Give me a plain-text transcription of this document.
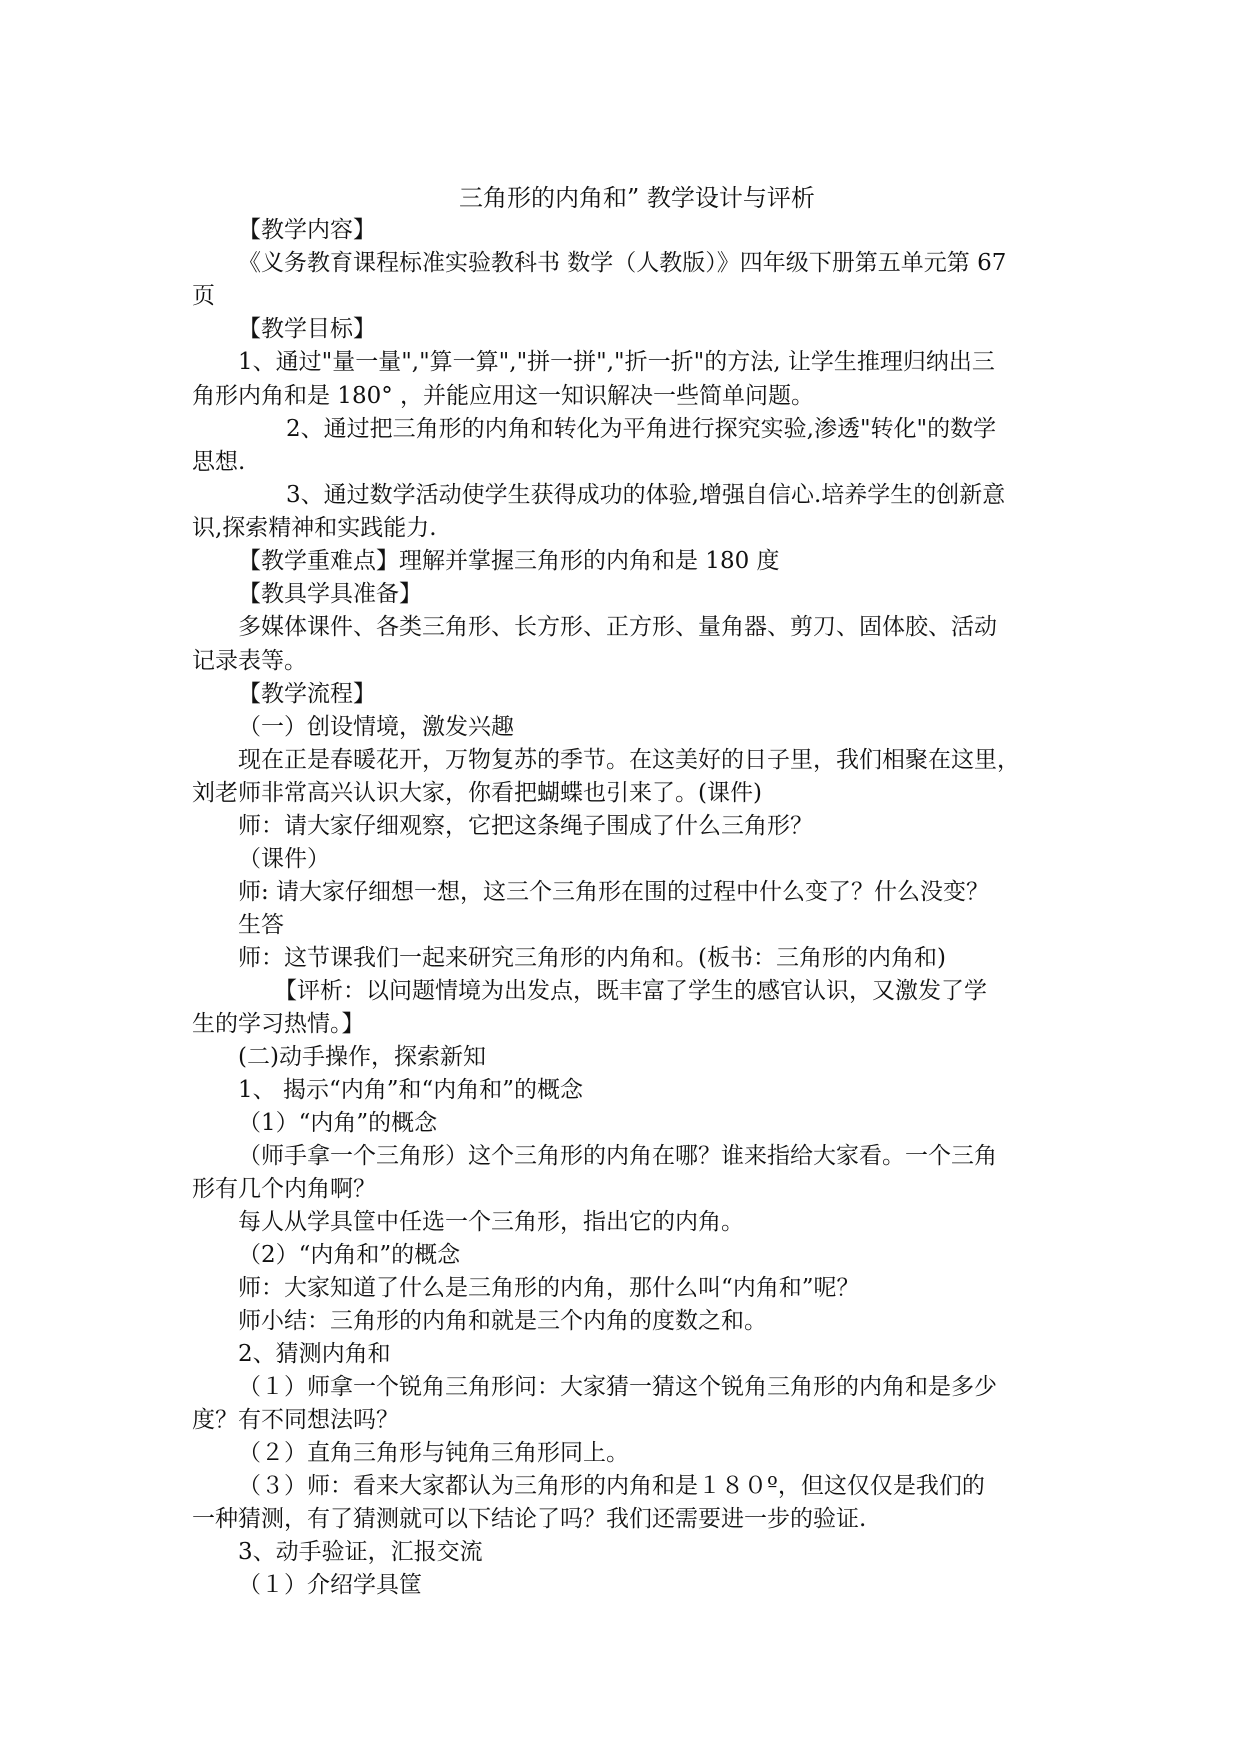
三角形的内角和” 教学设计与评析
【教学内容】
《义务教育课程标准实验教科书 数学（人教版）》四年级下册第五单元第 67
页
【教学目标】
1、通过"量一量","算一算","拼一拼","折一折"的方法, 让学生推理归纳出三
角形内角和是 180° ，并能应用这一知识解决一些简单问题。
2、通过把三角形的内角和转化为平角进行探究实验,渗透"转化"的数学
思想.
3、通过数学活动使学生获得成功的体验,增强自信心.培养学生的创新意
识,探索精神和实践能力.
【教学重难点】理解并掌握三角形的内角和是 180 度
【教具学具准备】
多媒体课件、各类三角形、长方形、正方形、量角器、剪刀、固体胶、活动
记录表等。
【教学流程】
（一）创设情境，激发兴趣
现在正是春暖花开，万物复苏的季节。在这美好的日子里，我们相聚在这里，
刘老师非常高兴认识大家，你看把蝴蝶也引来了。(课件)
师：请大家仔细观察，它把这条绳子围成了什么三角形？
（课件）
师: 请大家仔细想一想，这三个三角形在围的过程中什么变了？什么没变？
生答
师：这节课我们一起来研究三角形的内角和。(板书：三角形的内角和)
【评析：以问题情境为出发点，既丰富了学生的感官认识，又激发了学
生的学习热情。】
(二)动手操作，探索新知
1、 揭示“内角”和“内角和”的概念
（1）“内角”的概念
（师手拿一个三角形）这个三角形的内角在哪？谁来指给大家看。一个三角
形有几个内角啊？
每人从学具筐中任选一个三角形，指出它的内角。
（2）“内角和”的概念
师：大家知道了什么是三角形的内角，那什么叫“内角和”呢？
师小结：三角形的内角和就是三个内角的度数之和。
2、猜测内角和
（１）师拿一个锐角三角形问：大家猜一猜这个锐角三角形的内角和是多少
度？有不同想法吗？
（２）直角三角形与钝角三角形同上。
（３）师：看来大家都认为三角形的内角和是１８０º，但这仅仅是我们的
一种猜测，有了猜测就可以下结论了吗？我们还需要进一步的验证.
3、动手验证，汇报交流
（１）介绍学具筐
